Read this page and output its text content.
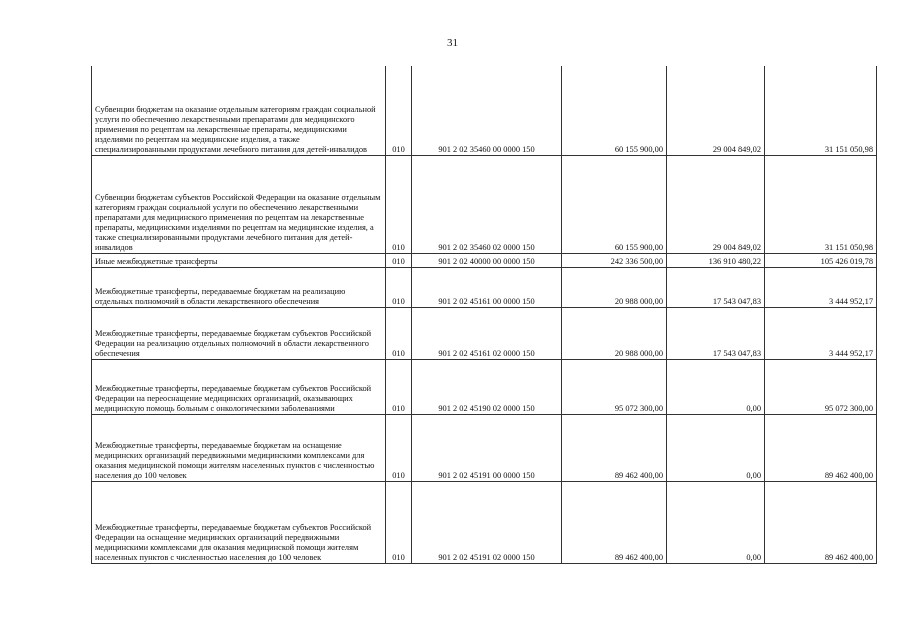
31
Субвенции бюджетам на оказание отдельным категориям граждан социальной услуги по обеспечению лекарственными препаратами для медицинского применения по рецептам на лекарственные препараты, медицинскими изделиями по рецептам на медицинские изделия, а также специализированными продуктами лечебного питания для детей-инвалидов	010	901 2 02 35460 00 0000 150	60 155 900,00	29 004 849,02	31 151 050,98
Субвенции бюджетам субъектов Российской Федерации на оказание отдельным категориям граждан социальной услуги по обеспечению лекарственными препаратами для медицинского применения по рецептам на лекарственные препараты, медицинскими изделиями по рецептам на медицинские изделия, а также специализированными продуктами лечебного питания для детей-инвалидов	010	901 2 02 35460 02 0000 150	60 155 900,00	29 004 849,02	31 151 050,98
Иные межбюджетные трансферты	010	901 2 02 40000 00 0000 150	242 336 500,00	136 910 480,22	105 426 019,78
Межбюджетные трансферты, передаваемые бюджетам на реализацию отдельных полномочий в области лекарственного обеспечения	010	901 2 02 45161 00 0000 150	20 988 000,00	17 543 047,83	3 444 952,17
Межбюджетные трансферты, передаваемые бюджетам субъектов Российской Федерации на реализацию отдельных полномочий в области лекарственного обеспечения	010	901 2 02 45161 02 0000 150	20 988 000,00	17 543 047,83	3 444 952,17
Межбюджетные трансферты, передаваемые бюджетам субъектов Российской Федерации на переоснащение медицинских организаций, оказывающих медицинскую помощь больным с онкологическими заболеваниями	010	901 2 02 45190 02 0000 150	95 072 300,00	0,00	95 072 300,00
Межбюджетные трансферты, передаваемые бюджетам на оснащение медицинских организаций передвижными медицинскими комплексами для оказания медицинской помощи жителям населенных пунктов с численностью населения до 100 человек	010	901 2 02 45191 00 0000 150	89 462 400,00	0,00	89 462 400,00
Межбюджетные трансферты, передаваемые бюджетам субъектов Российской Федерации на оснащение медицинских организаций передвижными медицинскими комплексами для оказания медицинской помощи жителям населенных пунктов с численностью населения до 100 человек	010	901 2 02 45191 02 0000 150	89 462 400,00	0,00	89 462 400,00
